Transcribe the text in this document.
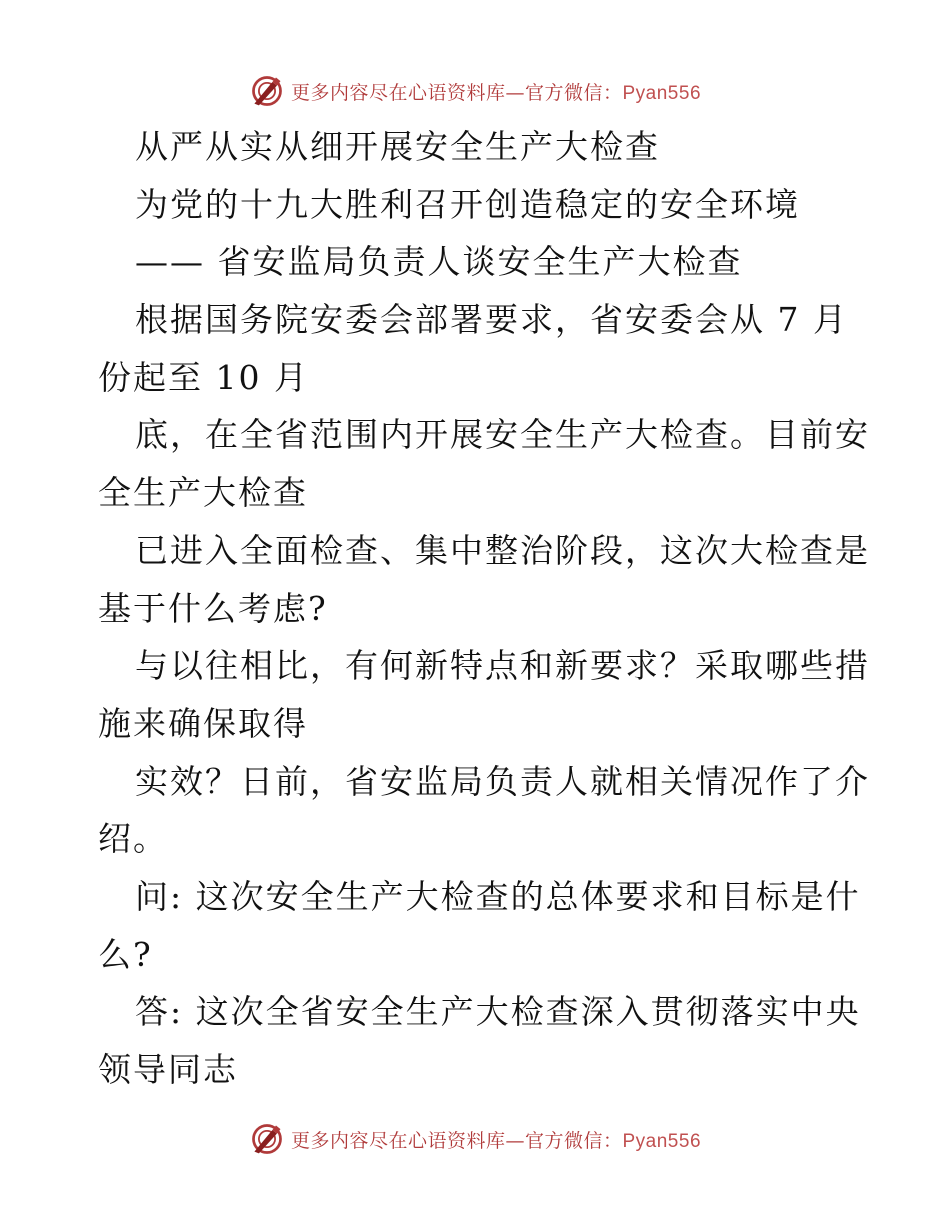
更多内容尽在心语资料库—官方微信：Pyan556
从严从实从细开展安全生产大检查
为党的十九大胜利召开创造稳定的安全环境
—— 省安监局负责人谈安全生产大检查
根据国务院安委会部署要求，省安委会从 7 月
份起至 10 月
底，在全省范围内开展安全生产大检查。目前安
全生产大检查
已进入全面检查、集中整治阶段，这次大检查是
基于什么考虑?
与以往相比，有何新特点和新要求？采取哪些措
施来确保取得
实效？日前，省安监局负责人就相关情况作了介
绍。
问: 这次安全生产大检查的总体要求和目标是什
么?
答: 这次全省安全生产大检查深入贯彻落实中央
领导同志
更多内容尽在心语资料库—官方微信：Pyan556
